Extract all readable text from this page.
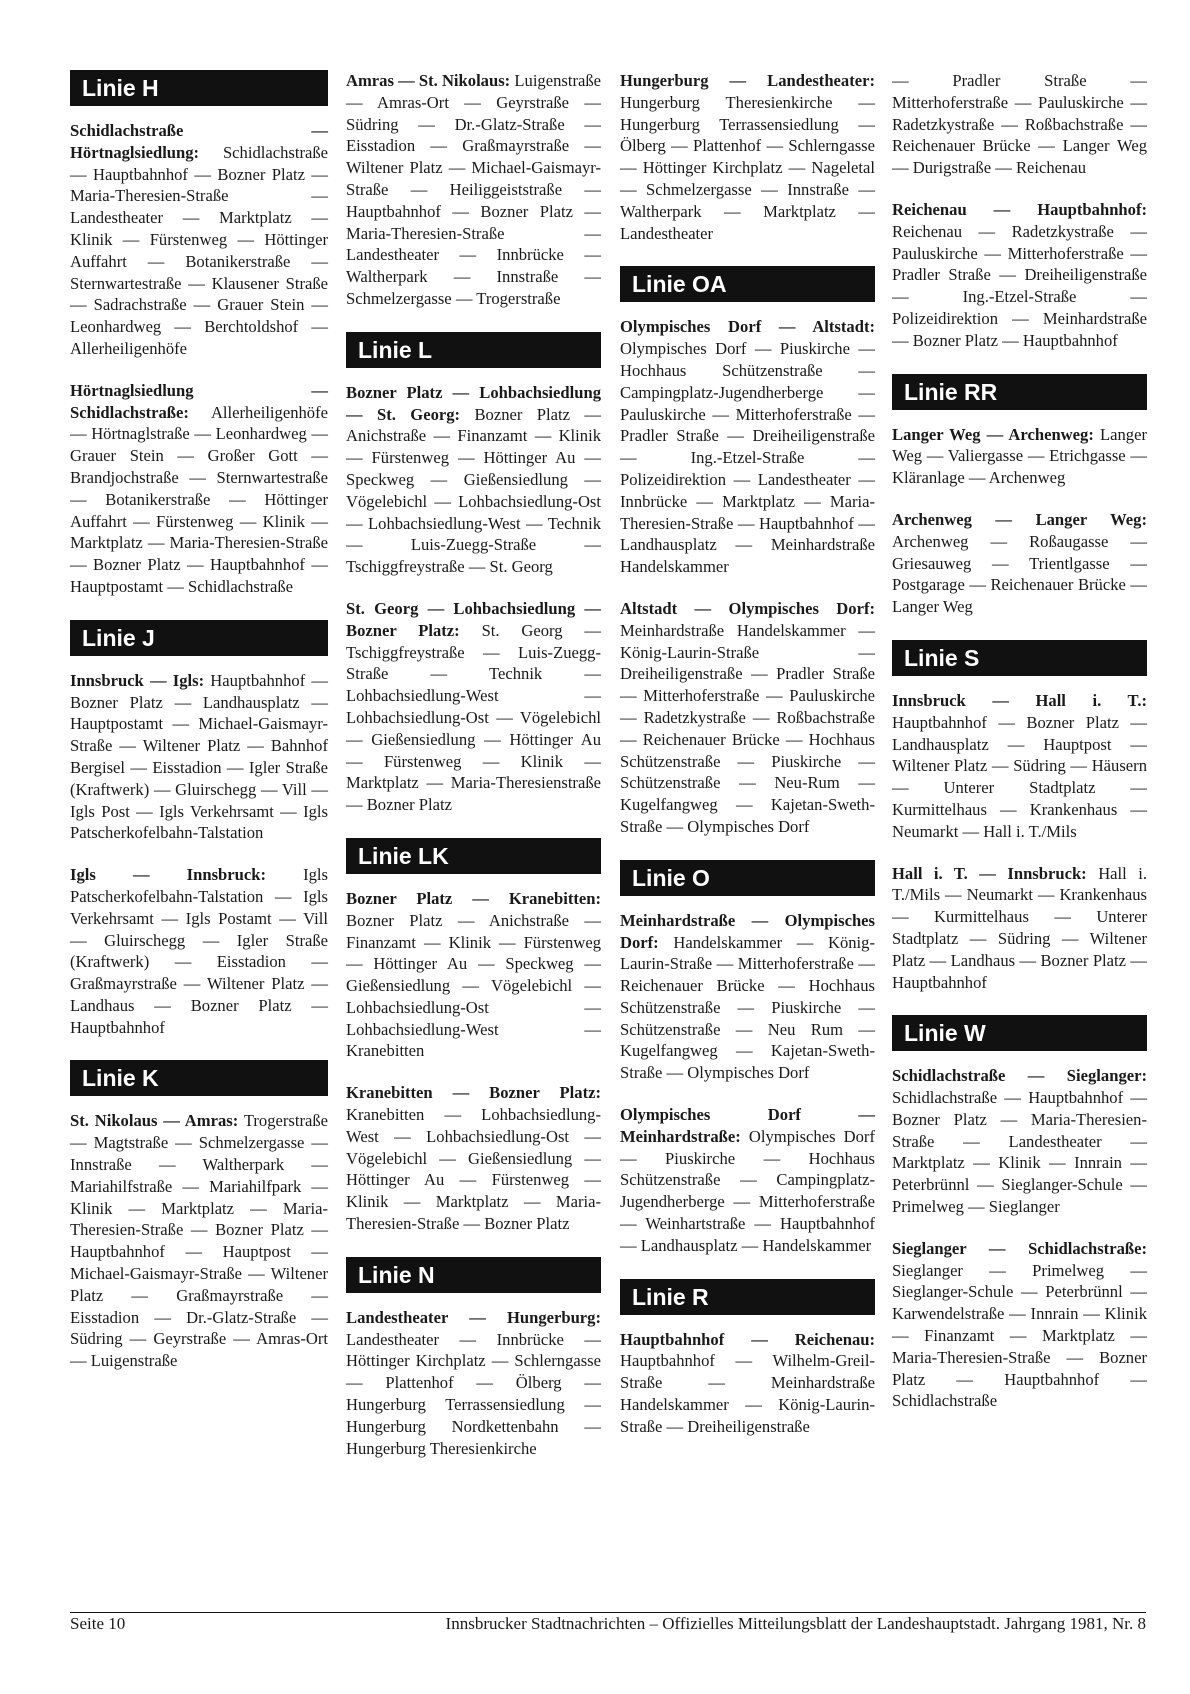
Linie H

Schidlachstraße — Hörtnaglsiedlung: Schidlachstraße — Hauptbahnhof — Bozner Platz — Maria-Theresien-Straße — Landestheater — Marktplatz — Klinik — Fürstenweg — Höttinger Auffahrt — Botanikerstraße — Sternwartestraße — Klausener Straße — Sadrachstraße — Grauer Stein — Leonhardweg — Berchtoldshof — Allerheiligenhöfe

Hörtnaglsiedlung — Schidlachstraße: Allerheiligenhöfe — Hörtnaglstraße — Leonhardweg — Grauer Stein — Großer Gott — Brandjochstraße — Sternwartestraße — Botanikerstraße — Höttinger Auffahrt — Fürstenweg — Klinik — Marktplatz — Maria-Theresien-Straße — Bozner Platz — Hauptbahnhof — Hauptpostamt — Schidlachstraße

Linie J

Innsbruck — Igls: Hauptbahnhof — Bozner Platz — Landhausplatz — Hauptpostamt — Michael-Gaismayr-Straße — Wiltener Platz — Bahnhof Bergisel — Eisstadion — Igler Straße (Kraftwerk) — Gluirschegg — Vill — Igls Post — Igls Verkehrsamt — Igls Patscherkofelbahn-Talstation

Igls — Innsbruck: Igls Patscherkofelbahn-Talstation — Igls Verkehrsamt — Igls Postamt — Vill — Gluirschegg — Igler Straße (Kraftwerk) — Eisstadion — Graßmayrstraße — Wiltener Platz — Landhaus — Bozner Platz — Hauptbahnhof

Linie K

St. Nikolaus — Amras: Trogerstraße — Magtstraße — Schmelzergasse — Innstraße — Waltherpark — Mariahilfstraße — Mariahilfpark — Klinik — Marktplatz — Maria-Theresien-Straße — Bozner Platz — Hauptbahnhof — Hauptpost — Michael-Gaismayr-Straße — Wiltener Platz — Graßmayrstraße — Eisstadion — Dr.-Glatz-Straße — Südring — Geyrstraße — Amras-Ort — Luigenstraße

Amras — St. Nikolaus: Luigenstraße — Amras-Ort — Geyrstraße — Südring — Dr.-Glatz-Straße — Eisstadion — Graßmayrstraße — Wiltener Platz — Michael-Gaismayr-Straße — Heiliggeiststraße — Hauptbahnhof — Bozner Platz — Maria-Theresien-Straße — Landestheater — Innbrücke — Waltherpark — Innstraße — Schmelzergasse — Trogerstraße

Linie L

Bozner Platz — Lohbachsiedlung — St. Georg: Bozner Platz — Anichstraße — Finanzamt — Klinik — Fürstenweg — Höttinger Au — Speckweg — Gießensiedlung — Vögelebichl — Lohbachsiedlung-Ost — Lohbachsiedlung-West — Technik — Luis-Zuegg-Straße — Tschiggfreystraße — St. Georg

St. Georg — Lohbachsiedlung — Bozner Platz: St. Georg — Tschiggfreystraße — Luis-Zuegg-Straße — Technik — Lohbachsiedlung-West — Lohbachsiedlung-Ost — Vögelebichl — Gießensiedlung — Höttinger Au — Fürstenweg — Klinik — Marktplatz — Maria-Theresienstraße — Bozner Platz

Linie LK

Bozner Platz — Kranebitten: Bozner Platz — Anichstraße — Finanzamt — Klinik — Fürstenweg — Höttinger Au — Speckweg — Gießensiedlung — Vögelebichl — Lohbachsiedlung-Ost — Lohbachsiedlung-West — Kranebitten

Kranebitten — Bozner Platz: Kranebitten — Lohbachsiedlung-West — Lohbachsiedlung-Ost — Vögelebichl — Gießensiedlung — Höttinger Au — Fürstenweg — Klinik — Marktplatz — Maria-Theresien-Straße — Bozner Platz

Linie N

Landestheater — Hungerburg: Landestheater — Innbrücke — Höttinger Kirchplatz — Schlerngasse — Plattenhof — Ölberg — Hungerburg Terrassensiedlung — Hungerburg Nordkettenbahn — Hungerburg Theresienkirche

Hungerburg — Landestheater: Hungerburg Theresienkirche — Hungerburg Terrassensiedlung — Ölberg — Plattenhof — Schlerngasse — Höttinger Kirchplatz — Nageletal — Schmelzergasse — Innstraße — Waltherpark — Marktplatz — Landestheater

Linie OA

Olympisches Dorf — Altstadt: Olympisches Dorf — Piuskirche — Hochhaus Schützenstraße — Campingplatz-Jugendherberge — Pauluskirche — Mitterhoferstraße — Pradler Straße — Dreiheiligenstraße — Ing.-Etzel-Straße — Polizeidirektion — Landestheater — Innbrücke — Marktplatz — Maria-Theresien-Straße — Hauptbahnhof — Landhausplatz — Meinhardstraße Handelskammer

Altstadt — Olympisches Dorf: Meinhardstraße Handelskammer — König-Laurin-Straße — Dreiheiligenstraße — Pradler Straße — Mitterhoferstraße — Pauluskirche — Radetzkystraße — Roßbachstraße — Reichenauer Brücke — Hochhaus Schützenstraße — Piuskirche — Schützenstraße — Neu-Rum — Kugelfangweg — Kajetan-Sweth-Straße — Olympisches Dorf

Linie O

Meinhardstraße — Olympisches Dorf: Handelskammer — König-Laurin-Straße — Mitterhoferstraße — Reichenauer Brücke — Hochhaus Schützenstraße — Piuskirche — Schützenstraße — Neu Rum — Kugelfangweg — Kajetan-Sweth-Straße — Olympisches Dorf

Olympisches Dorf — Meinhardstraße: Olympisches Dorf — Piuskirche — Hochhaus Schützenstraße — Campingplatz-Jugendherberge — Mitterhoferstraße — Weinhartstraße — Hauptbahnhof — Landhausplatz — Handelskammer

Linie R

Hauptbahnhof — Reichenau: Hauptbahnhof — Wilhelm-Greil-Straße — Meinhardstraße Handelskammer — König-Laurin-Straße — Dreiheiligenstraße

— Pradler Straße — Mitterhoferstraße — Pauluskirche — Radetzkystraße — Roßbachstraße — Reichenauer Brücke — Langer Weg — Durigstraße — Reichenau

Reichenau — Hauptbahnhof: Reichenau — Radetzkystraße — Pauluskirche — Mitterhoferstraße — Pradler Straße — Dreiheiligenstraße — Ing.-Etzel-Straße — Polizeidirektion — Meinhardstraße — Bozner Platz — Hauptbahnhof

Linie RR

Langer Weg — Archenweg: Langer Weg — Valiergasse — Etrichgasse — Kläranlage — Archenweg

Archenweg — Langer Weg: Archenweg — Roßaugasse — Griesauweg — Trientlgasse — Postgarage — Reichenauer Brücke — Langer Weg

Linie S

Innsbruck — Hall i. T.: Hauptbahnhof — Bozner Platz — Landhausplatz — Hauptpost — Wiltener Platz — Südring — Häusern — Unterer Stadtplatz — Kurmittelhaus — Krankenhaus — Neumarkt — Hall i. T./Mils

Hall i. T. — Innsbruck: Hall i. T./Mils — Neumarkt — Krankenhaus — Kurmittelhaus — Unterer Stadtplatz — Südring — Wiltener Platz — Landhaus — Bozner Platz — Hauptbahnhof

Linie W

Schidlachstraße — Sieglanger: Schidlachstraße — Hauptbahnhof — Bozner Platz — Maria-Theresien-Straße — Landestheater — Marktplatz — Klinik — Innrain — Peterbrünnl — Sieglanger-Schule — Primelweg — Sieglanger

Sieglanger — Schidlachstraße: Sieglanger — Primelweg — Sieglanger-Schule — Peterbrünnl — Karwendelstraße — Innrain — Klinik — Finanzamt — Marktplatz — Maria-Theresien-Straße — Bozner Platz — Hauptbahnhof — Schidlachstraße

Seite 10	Innsbrucker Stadtnachrichten – Offizielles Mitteilungsblatt der Landeshauptstadt. Jahrgang 1981, Nr. 8
